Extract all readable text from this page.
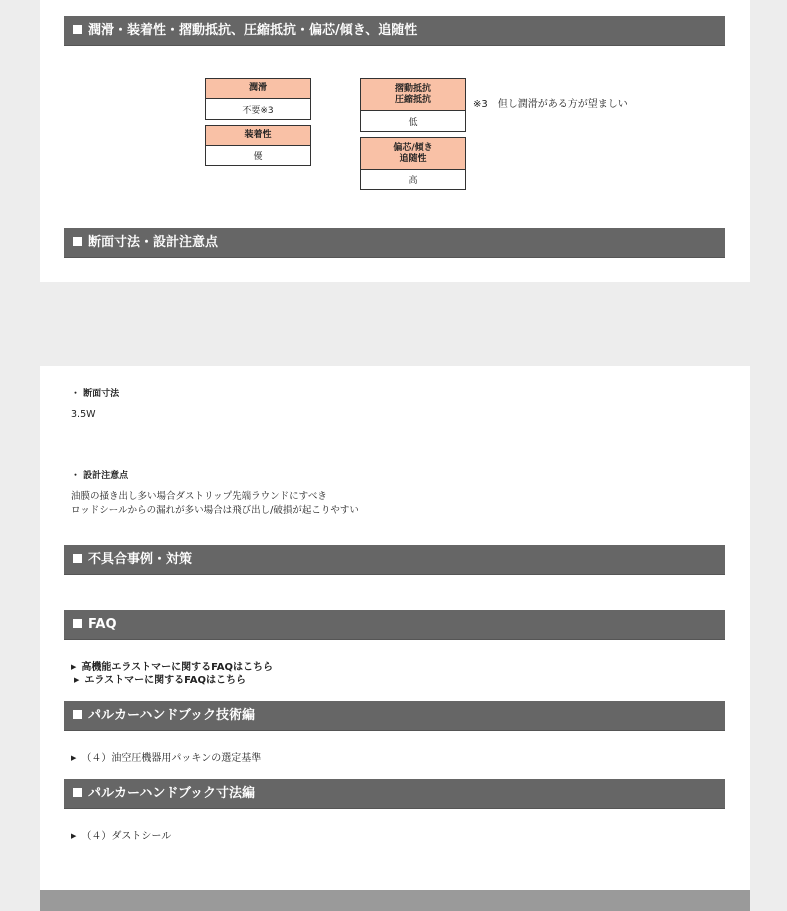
潤滑・装着性・摺動抵抗、圧縮抵抗・偏芯/傾き、追随性
潤滑
不要※3
装着性
優
摺動抵抗
圧縮抵抗
低
偏芯/傾き
追随性
高
※3　但し潤滑がある方が望ましい
断面寸法・設計注意点
・ 断面寸法
3.5W
・ 設計注意点
油膜の掻き出し多い場合ダストリップ先端ラウンドにすべき
ロッドシールからの漏れが多い場合は飛び出し/破損が起こりやすい
不具合事例・対策
FAQ
▶ 高機能エラストマーに関するFAQはこちら
▶ エラストマーに関するFAQはこちら
パルカーハンドブック技術編
▶ （４）油空圧機器用パッキンの選定基準
パルカーハンドブック寸法編
▶ （４）ダストシール
